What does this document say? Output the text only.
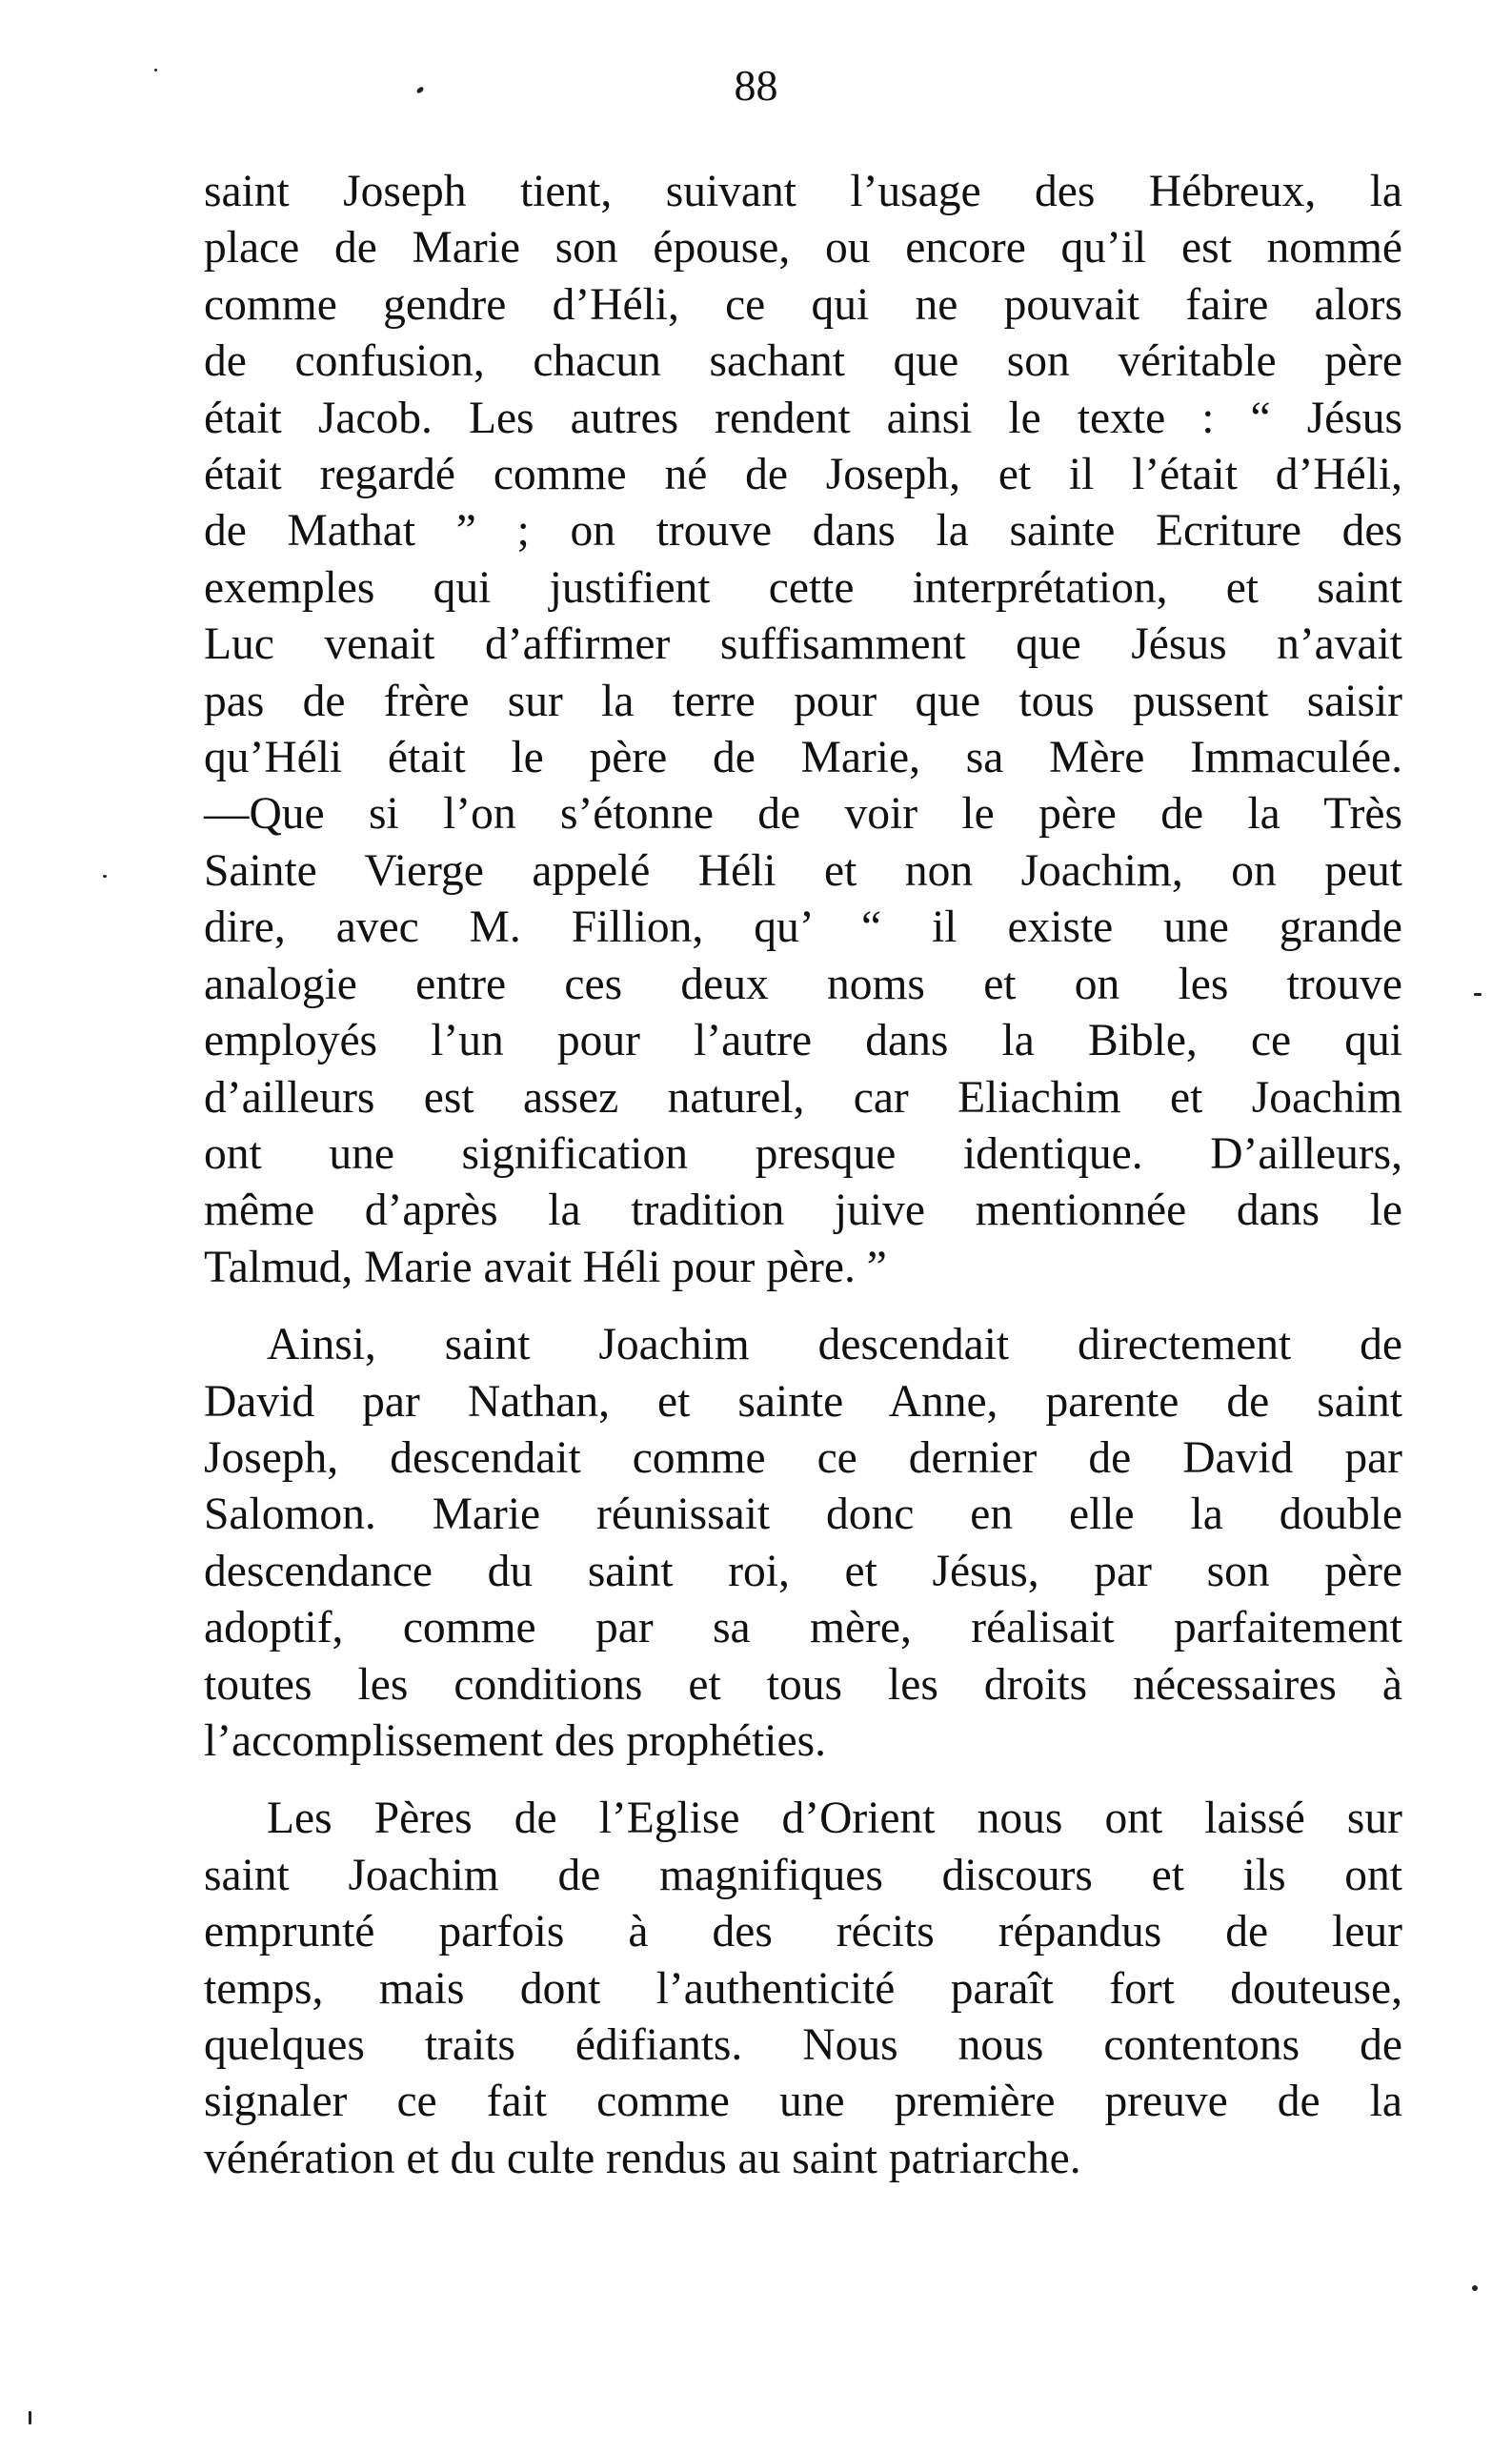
88
saint Joseph tient, suivant l’usage des Hébreux, la
place de Marie son épouse, ou encore qu’il est nommé
comme gendre d’Héli, ce qui ne pouvait faire alors
de confusion, chacun sachant que son véritable père
était Jacob. Les autres rendent ainsi le texte : “ Jésus
était regardé comme né de Joseph, et il l’était d’Héli,
de Mathat ” ; on trouve dans la sainte Ecriture des
exemples qui justifient cette interprétation, et saint
Luc venait d’affirmer suffisamment que Jésus n’avait
pas de frère sur la terre pour que tous pussent saisir
qu’Héli était le père de Marie, sa Mère Immaculée.
—Que si l’on s’étonne de voir le père de la Très
Sainte Vierge appelé Héli et non Joachim, on peut
dire, avec M. Fillion, qu’ “ il existe une grande
analogie entre ces deux noms et on les trouve
employés l’un pour l’autre dans la Bible, ce qui
d’ailleurs est assez naturel, car Eliachim et Joachim
ont une signification presque identique. D’ailleurs,
même d’après la tradition juive mentionnée dans le
Talmud, Marie avait Héli pour père. ”
Ainsi, saint Joachim descendait directement de
David par Nathan, et sainte Anne, parente de saint
Joseph, descendait comme ce dernier de David par
Salomon. Marie réunissait donc en elle la double
descendance du saint roi, et Jésus, par son père
adoptif, comme par sa mère, réalisait parfaitement
toutes les conditions et tous les droits nécessaires à
l’accomplissement des prophéties.
Les Pères de l’Eglise d’Orient nous ont laissé sur
saint Joachim de magnifiques discours et ils ont
emprunté parfois à des récits répandus de leur
temps, mais dont l’authenticité paraît fort douteuse,
quelques traits édifiants. Nous nous contentons de
signaler ce fait comme une première preuve de la
vénération et du culte rendus au saint patriarche.
